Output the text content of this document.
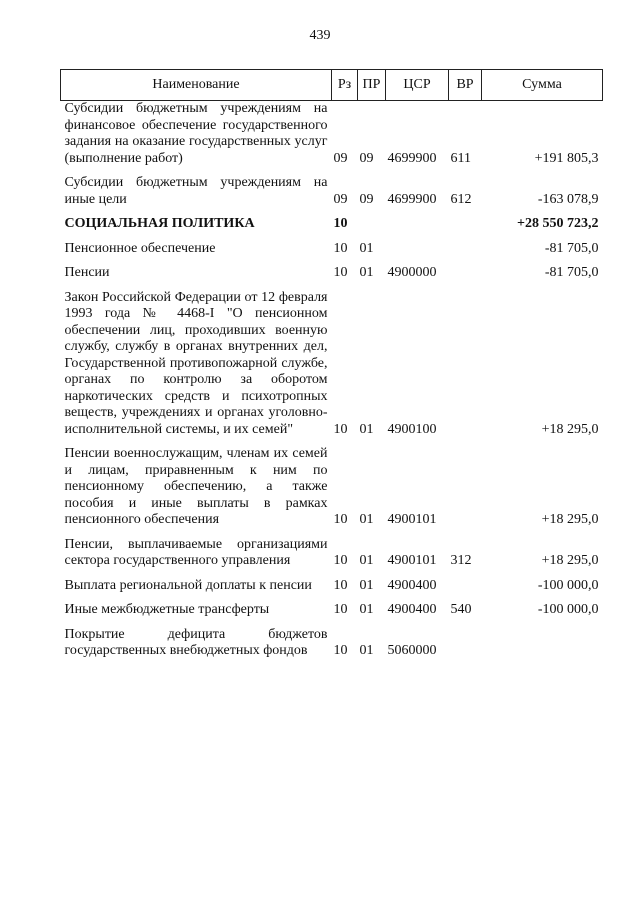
439
Наименование	Рз	ПР	ЦСР	ВР	Сумма
Субсидии бюджетным учреждениям на финансовое обеспечение государственного задания на оказание государственных услуг (выполнение работ)	09	09	4699900	611	+191 805,3

Субсидии бюджетным учреждениям на иные цели	09	09	4699900	612	-163 078,9

СОЦИАЛЬНАЯ ПОЛИТИКА	10				+28 550 723,2

Пенсионное обеспечение	10	01			-81 705,0

Пенсии	10	01	4900000		-81 705,0

Закон Российской Федерации от 12 февраля 1993 года № 4468-I "О пенсионном обеспечении лиц, проходивших военную службу, службу в органах внутренних дел, Государственной противопожарной службе, органах по контролю за оборотом наркотических средств и психотропных веществ, учреждениях и органах уголовно-исполнительной системы, и их семей"	10	01	4900100		+18 295,0

Пенсии военнослужащим, членам их семей и лицам, приравненным к ним по пенсионному обеспечению, а также пособия и иные выплаты в рамках пенсионного обеспечения	10	01	4900101		+18 295,0

Пенсии, выплачиваемые организациями сектора государственного управления	10	01	4900101	312	+18 295,0

Выплата региональной доплаты к пенсии	10	01	4900400		-100 000,0

Иные межбюджетные трансферты	10	01	4900400	540	-100 000,0

Покрытие дефицита бюджетов государственных внебюджетных фондов	10	01	5060000		
